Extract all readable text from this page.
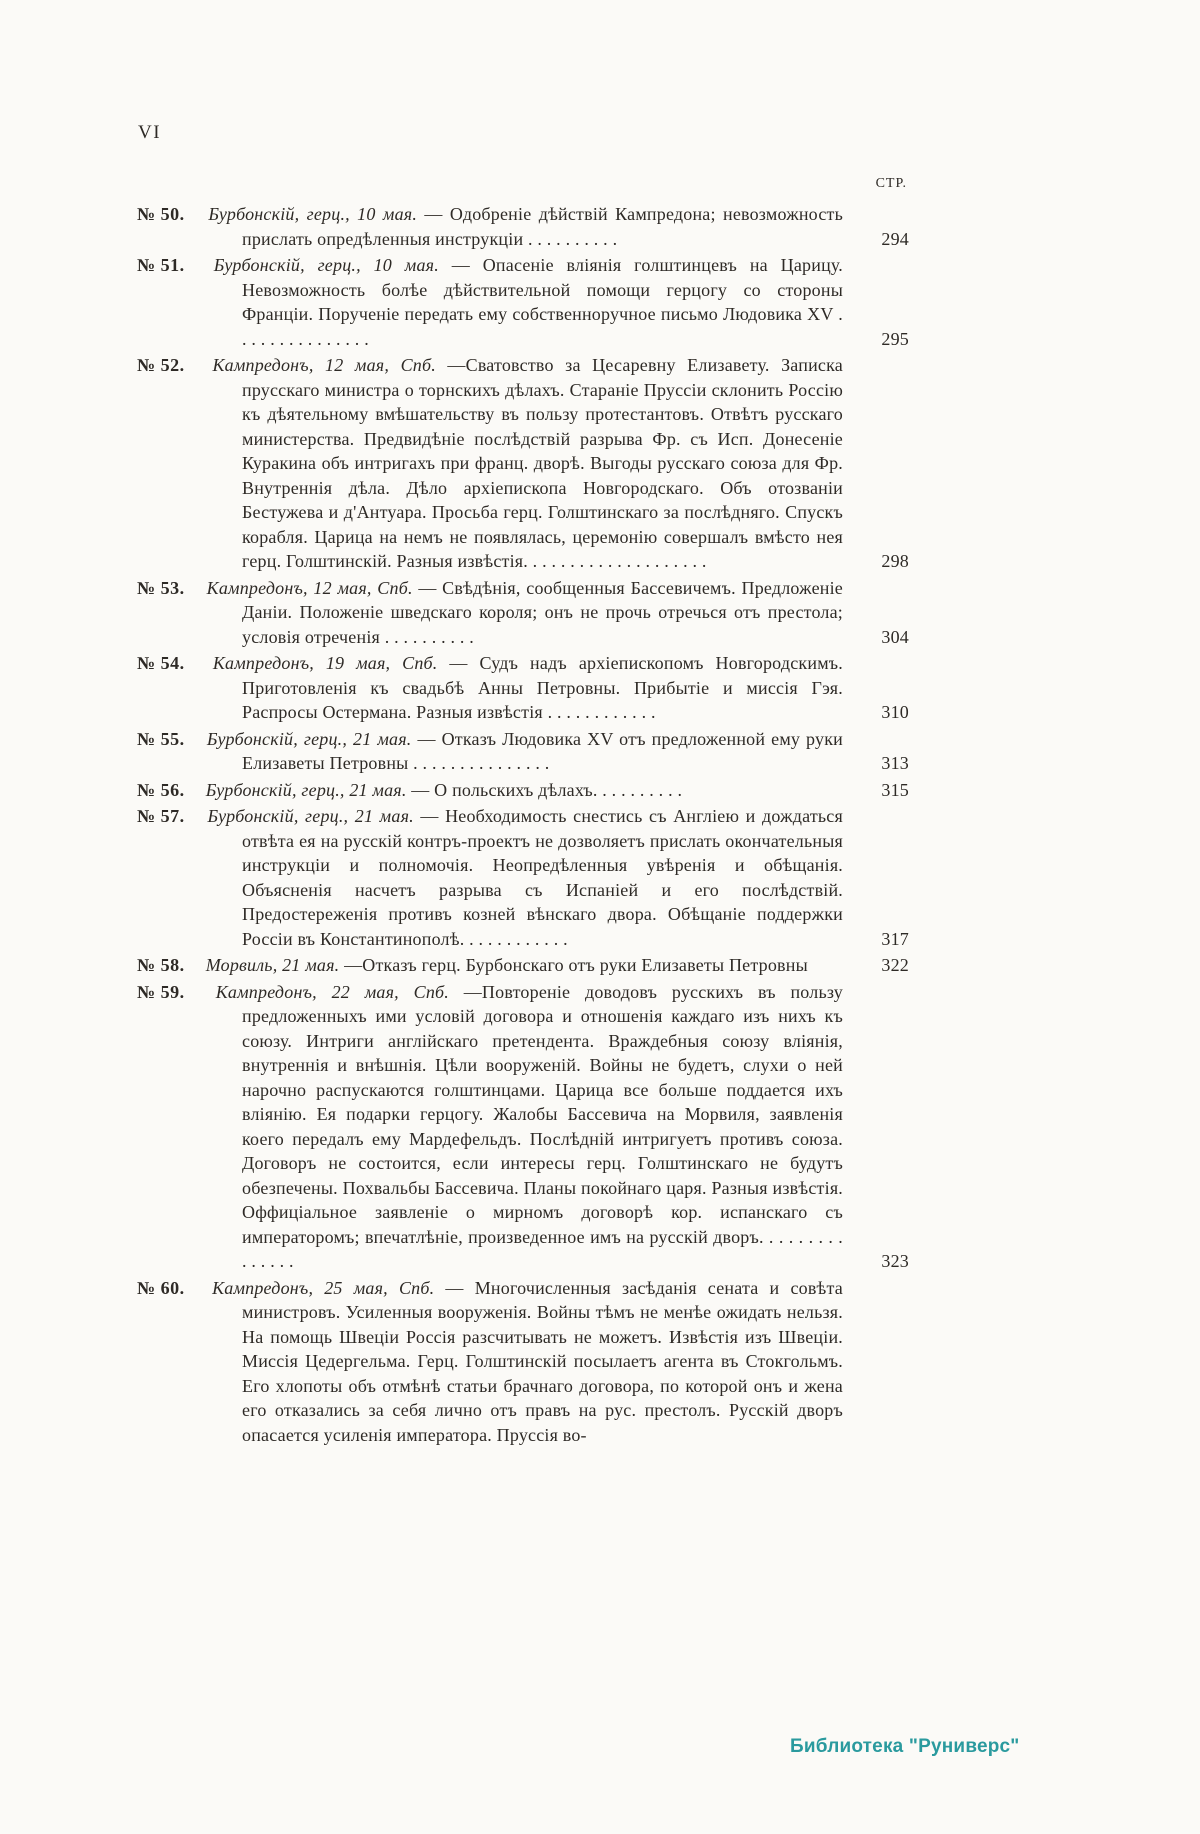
VI
СТР.
№ 50. Бурбонскій, герц., 10 мая. — Одобреніе дѣйствій Кампредона; невозможность прислать опредѣленныя инструкціи . . . . . . . . . .	294
№ 51. Бурбонскій, герц., 10 мая. — Опасеніе вліянія голштинцевъ на Царицу. Невозможность болѣе дѣйствительной помощи герцогу со стороны Франціи. Порученіе передать ему собственноручное письмо Людовика XV . . . . . . . . . . . . . . .	295
№ 52. Кампредонъ, 12 мая, Спб. —Сватовство за Цесаревну Елизавету. Записка прусскаго министра о торнскихъ дѣлахъ. Стараніе Пруссіи склонить Россію къ дѣятельному вмѣшательству въ пользу протестантовъ. Отвѣтъ русскаго министерства. Предвидѣніе послѣдствій разрыва Фр. съ Исп. Донесеніе Куракина объ интригахъ при франц. дворѣ. Выгоды русскаго союза для Фр. Внутреннія дѣла. Дѣло архіепископа Новгородскаго. Объ отозваніи Бестужева и д'Антуара. Просьба герц. Голштинскаго за послѣдняго. Спускъ корабля. Царица на немъ не появлялась, церемонію совершалъ вмѣсто нея герц. Голштинскій. Разныя извѣстія. . . . . . . . . . . . . . . . . . . .	298
№ 53. Кампредонъ, 12 мая, Спб. — Свѣдѣнія, сообщенныя Бассевичемъ. Предложеніе Даніи. Положеніе шведскаго короля; онъ не прочь отречься отъ престола; условія отреченія . . . . . . . . . .	304
№ 54. Кампредонъ, 19 мая, Спб. — Судъ надъ архіепископомъ Новгородскимъ. Приготовленія къ свадьбѣ Анны Петровны. Прибытіе и миссія Гэя. Распросы Остермана. Разныя извѣстія . . . . . . . . . . . .	310
№ 55. Бурбонскій, герц., 21 мая. — Отказъ Людовика XV отъ предложенной ему руки Елизаветы Петровны . . . . . . . . . . . . . . .	313
№ 56. Бурбонскій, герц., 21 мая. — О польскихъ дѣлахъ. . . . . . . . . .	315
№ 57. Бурбонскій, герц., 21 мая. — Необходимость снестись съ Англіею и дождаться отвѣта ея на русскій контръ-проектъ не дозволяетъ прислать окончательныя инструкціи и полномочія. Неопредѣленныя увѣренія и обѣщанія. Объясненія насчетъ разрыва съ Испаніей и его послѣдствій. Предостереженія противъ козней вѣнскаго двора. Обѣщаніе поддержки Россіи въ Константинополѣ. . . . . . . . . . . .	317
№ 58. Морвиль, 21 мая. —Отказъ герц. Бурбонскаго отъ руки Елизаветы Петровны	322
№ 59. Кампредонъ, 22 мая, Спб. —Повтореніе доводовъ русскихъ въ пользу предложенныхъ ими условій договора и отношенія каждаго изъ нихъ къ союзу. Интриги англійскаго претендента. Враждебныя союзу вліянія, внутреннія и внѣшнія. Цѣли вооруженій. Войны не будетъ, слухи о ней нарочно распускаются голштинцами. Царица все больше поддается ихъ вліянію. Ея подарки герцогу. Жалобы Бассевича на Морвиля, заявленія коего передалъ ему Мардефельдъ. Послѣдній интригуетъ противъ союза. Договоръ не состоится, если интересы герц. Голштинскаго не будутъ обезпечены. Похвальбы Бассевича. Планы покойнаго царя. Разныя извѣстія. Оффиціальное заявленіе о мирномъ договорѣ кор. испанскаго съ императоромъ; впечатлѣніе, произведенное имъ на русскій дворъ. . . . . . . . . . . . . . .	323
№ 60. Кампредонъ, 25 мая, Спб. — Многочисленныя засѣданія сената и совѣта министровъ. Усиленныя вооруженія. Войны тѣмъ не менѣе ожидать нельзя. На помощь Швеціи Россія разсчитывать не можетъ. Извѣстія изъ Швеціи. Миссія Цедергельма. Герц. Голштинскій посылаетъ агента въ Стокгольмъ. Его хлопоты объ отмѣнѣ статьи брачнаго договора, по которой онъ и жена его отказались за себя лично отъ правъ на рус. престолъ. Русскій дворъ опасается усиленія императора. Пруссія во-
Библиотека "Руниверс"
